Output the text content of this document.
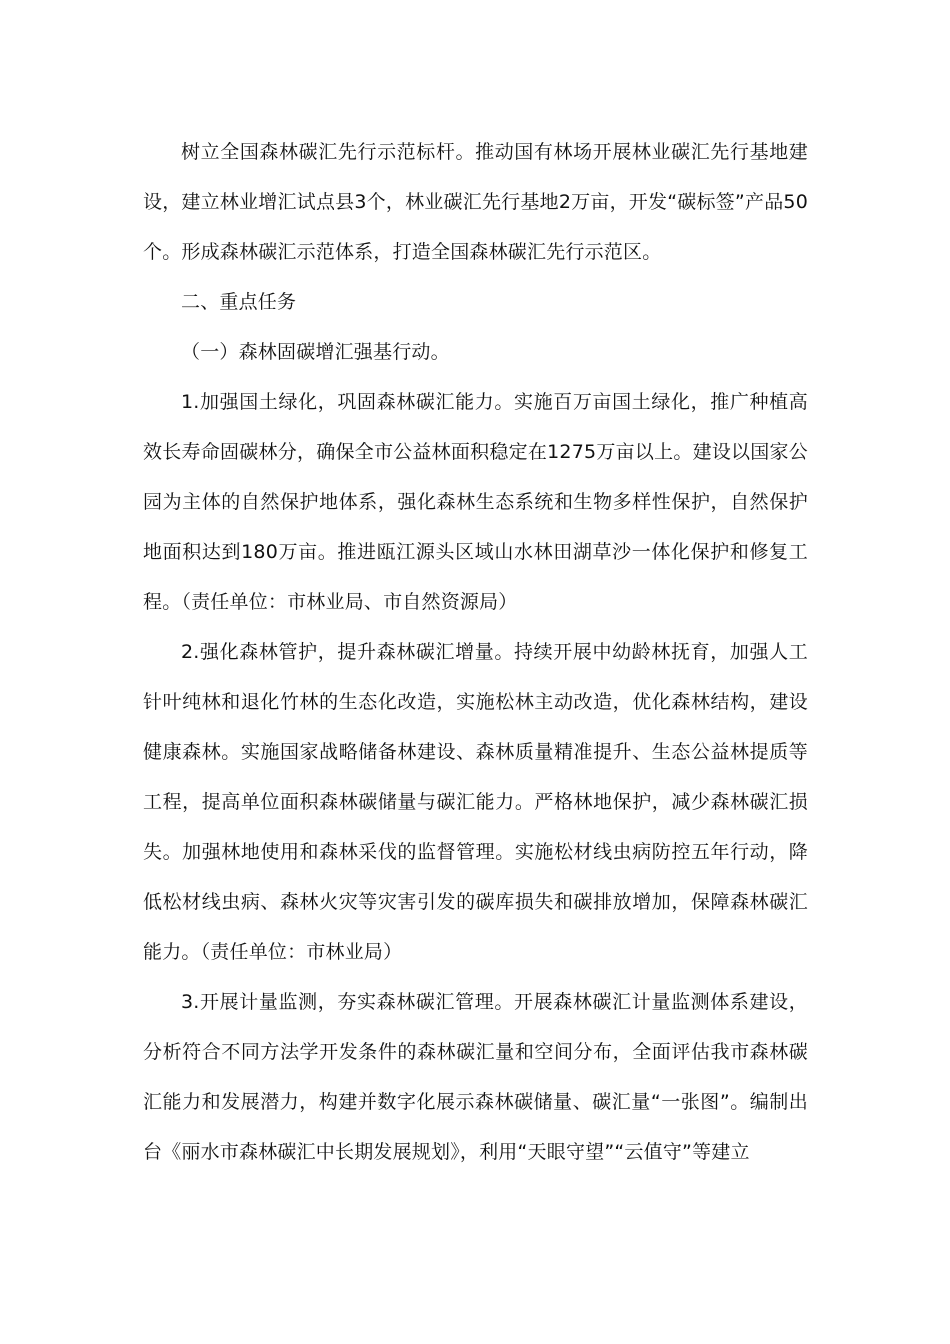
树立全国森林碳汇先行示范标杆。推动国有林场开展林业碳汇先行基地建设，建立林业增汇试点县3个，林业碳汇先行基地2万亩，开发“碳标签”产品50个。形成森林碳汇示范体系，打造全国森林碳汇先行示范区。

二、重点任务

（一）森林固碳增汇强基行动。

1.加强国土绿化，巩固森林碳汇能力。实施百万亩国土绿化，推广种植高效长寿命固碳林分，确保全市公益林面积稳定在1275万亩以上。建设以国家公园为主体的自然保护地体系，强化森林生态系统和生物多样性保护，自然保护地面积达到180万亩。推进瓯江源头区域山水林田湖草沙一体化保护和修复工程。（责任单位：市林业局、市自然资源局）

2.强化森林管护，提升森林碳汇增量。持续开展中幼龄林抚育，加强人工针叶纯林和退化竹林的生态化改造，实施松林主动改造，优化森林结构，建设健康森林。实施国家战略储备林建设、森林质量精准提升、生态公益林提质等工程，提高单位面积森林碳储量与碳汇能力。严格林地保护，减少森林碳汇损失。加强林地使用和森林采伐的监督管理。实施松材线虫病防控五年行动，降低松材线虫病、森林火灾等灾害引发的碳库损失和碳排放增加，保障森林碳汇能力。（责任单位：市林业局）

3.开展计量监测，夯实森林碳汇管理。开展森林碳汇计量监测体系建设，分析符合不同方法学开发条件的森林碳汇量和空间分布，全面评估我市森林碳汇能力和发展潜力，构建并数字化展示森林碳储量、碳汇量“一张图”。编制出台《丽水市森林碳汇中长期发展规划》，利用“天眼守望”“云值守”等建立
